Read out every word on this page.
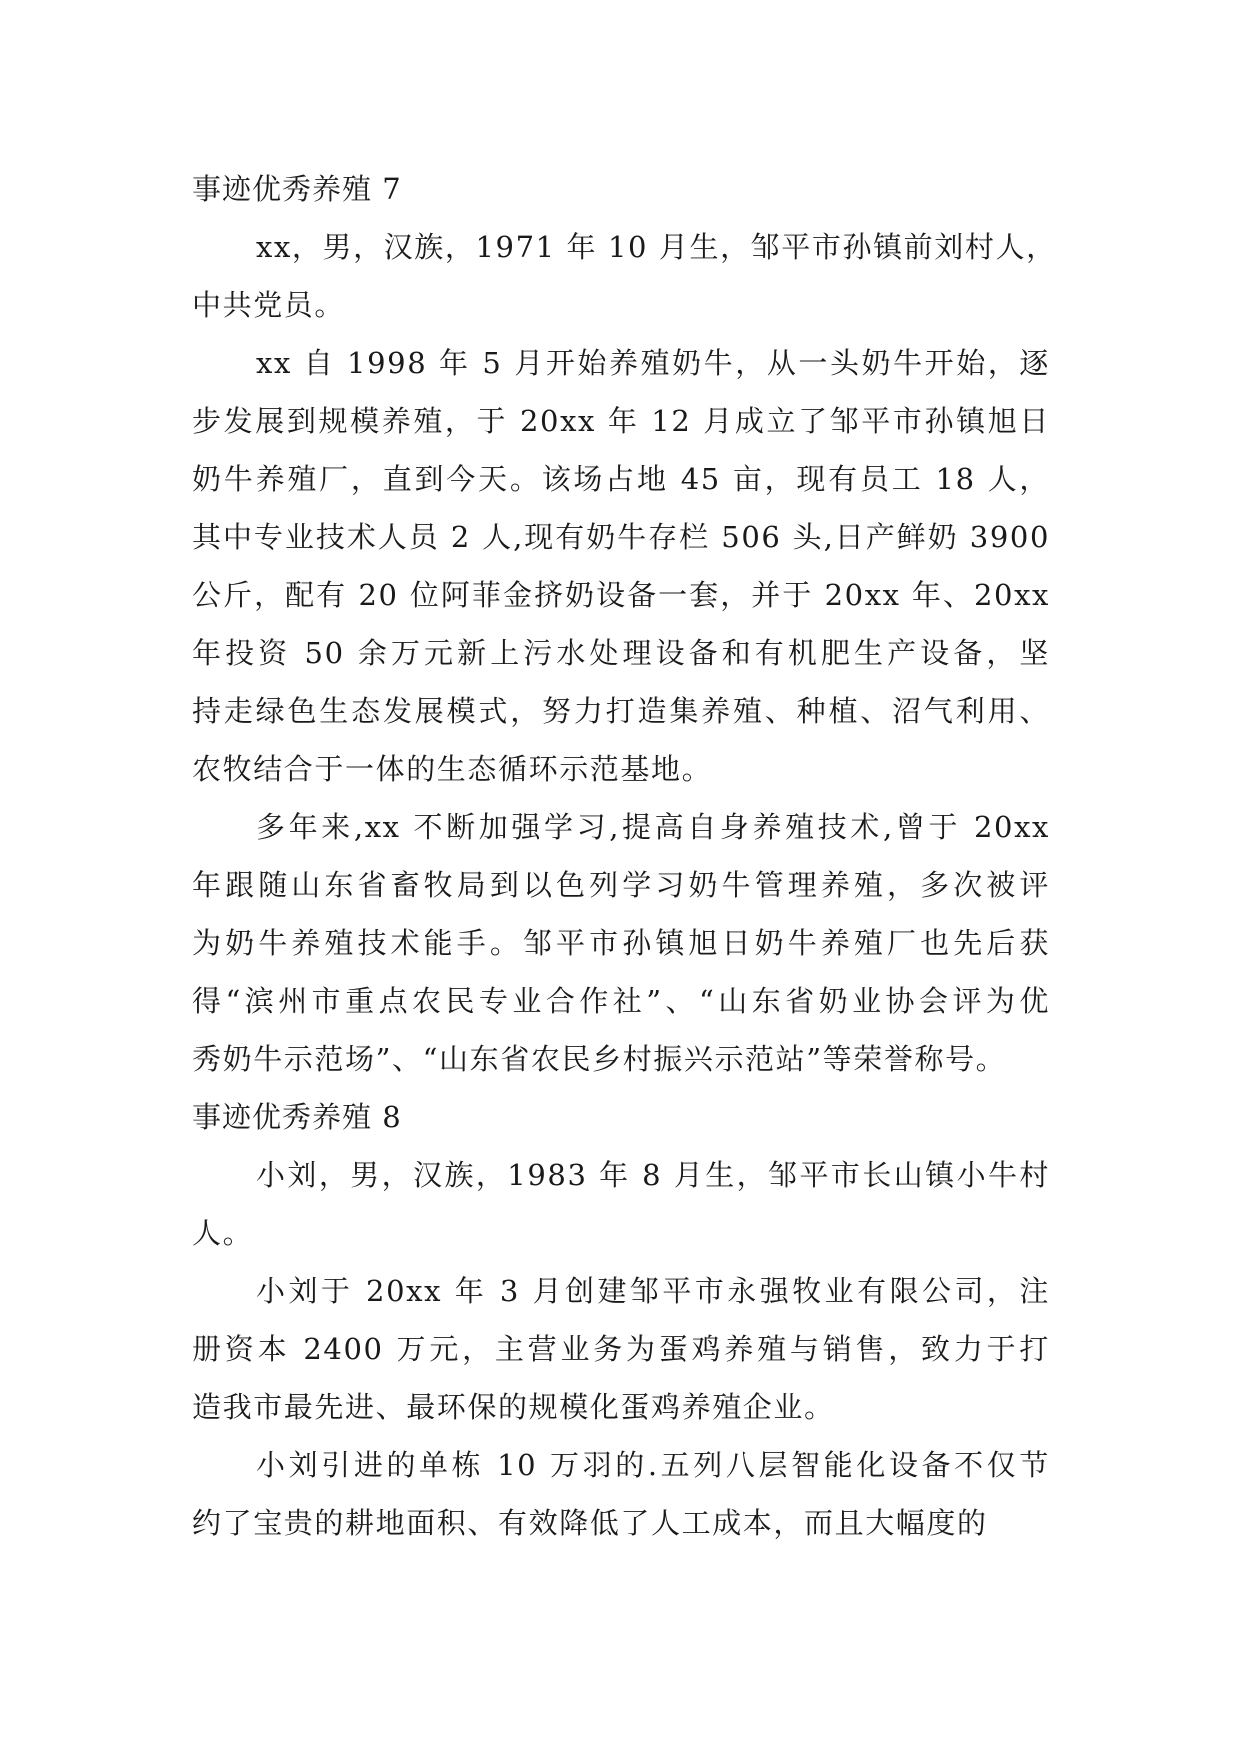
事迹优秀养殖 7
xx，男，汉族，1971 年 10 月生，邹平市孙镇前刘村人，
中共党员。
xx 自 1998 年 5 月开始养殖奶牛，从一头奶牛开始，逐
步发展到规模养殖，于 20xx 年 12 月成立了邹平市孙镇旭日
奶牛养殖厂，直到今天。该场占地 45 亩，现有员工 18 人，
其中专业技术人员 2 人,现有奶牛存栏 506 头,日产鲜奶 3900
公斤，配有 20 位阿菲金挤奶设备一套，并于 20xx 年、20xx
年投资 50 余万元新上污水处理设备和有机肥生产设备，坚
持走绿色生态发展模式，努力打造集养殖、种植、沼气利用、
农牧结合于一体的生态循环示范基地。
多年来,xx 不断加强学习,提高自身养殖技术,曾于 20xx
年跟随山东省畜牧局到以色列学习奶牛管理养殖，多次被评
为奶牛养殖技术能手。邹平市孙镇旭日奶牛养殖厂也先后获
得“滨州市重点农民专业合作社”、“山东省奶业协会评为优
秀奶牛示范场”、“山东省农民乡村振兴示范站”等荣誉称号。
事迹优秀养殖 8
小刘，男，汉族，1983 年 8 月生，邹平市长山镇小牛村
人。
小刘于 20xx 年 3 月创建邹平市永强牧业有限公司，注
册资本 2400 万元，主营业务为蛋鸡养殖与销售，致力于打
造我市最先进、最环保的规模化蛋鸡养殖企业。
小刘引进的单栋 10 万羽的.五列八层智能化设备不仅节
约了宝贵的耕地面积、有效降低了人工成本，而且大幅度的
